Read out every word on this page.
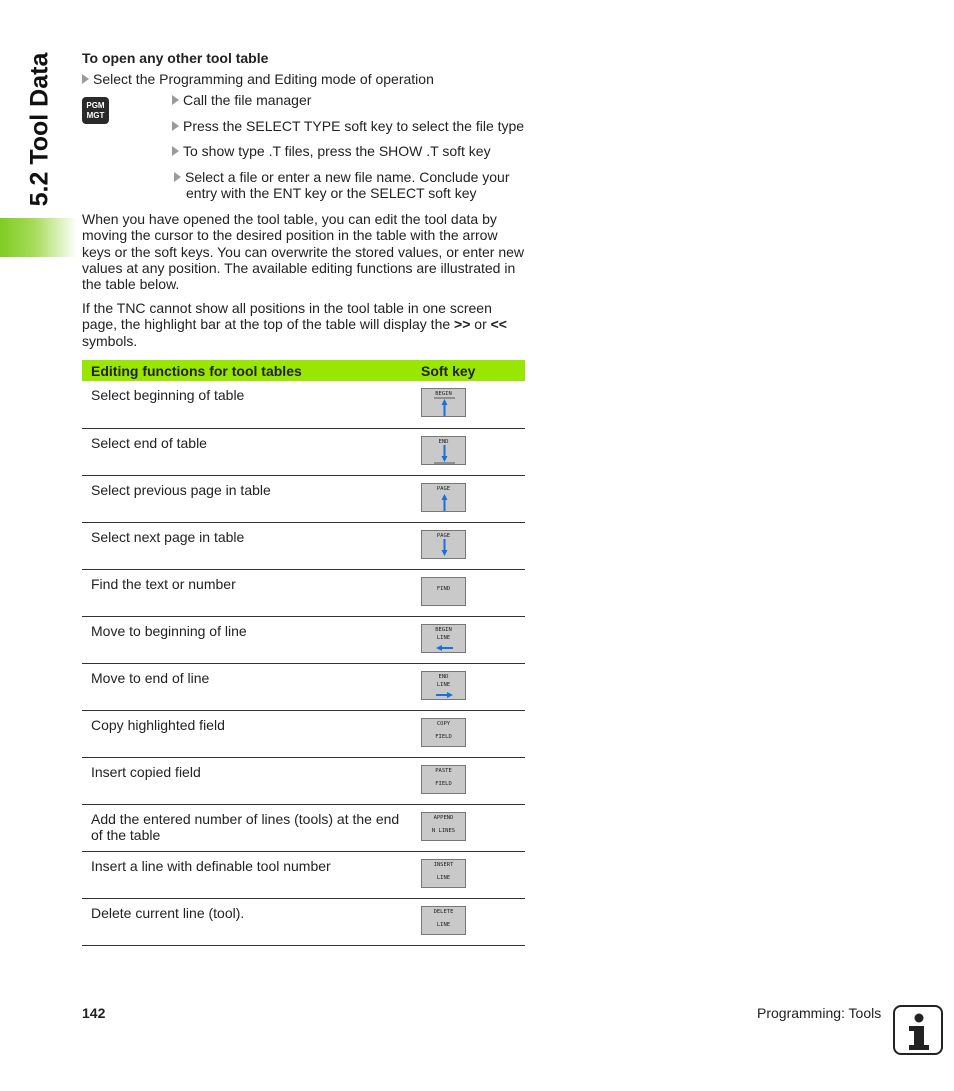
5.2 Tool Data To open any other tool table
Select the Programming and Editing mode of operation
PGM
MGT
Call the file manager
Press the SELECT TYPE soft key to select the file type
To show type .T files, press the SHOW .T soft key
Select a file or enter a new file name. Conclude your entry with the ENT key or the SELECT soft key

When you have opened the tool table, you can edit the tool data by moving the cursor to the desired position in the table with the arrow keys or the soft keys. You can overwrite the stored values, or enter new values at any position. The available editing functions are illustrated in the table below.

If the TNC cannot show all positions in the tool table in one screen page, the highlight bar at the top of the table will display the >> or << symbols.

Editing functions for tool tables	Soft key
Select beginning of table	BEGIN

Select end of table	END

Select previous page in table	PAGE

Select next page in table	PAGE

Find the text or number	FIND

Move to beginning of line	BEGIN
LINE

Move to end of line	END
LINE

Copy highlighted field	COPY
FIELD

Insert copied field	PASTE
FIELD

Add the entered number of lines (tools) at the end of the table	APPEND
N LINES

Insert a line with definable tool number	INSERT
LINE

Delete current line (tool).	DELETE
LINE
142	Programming: Tools
